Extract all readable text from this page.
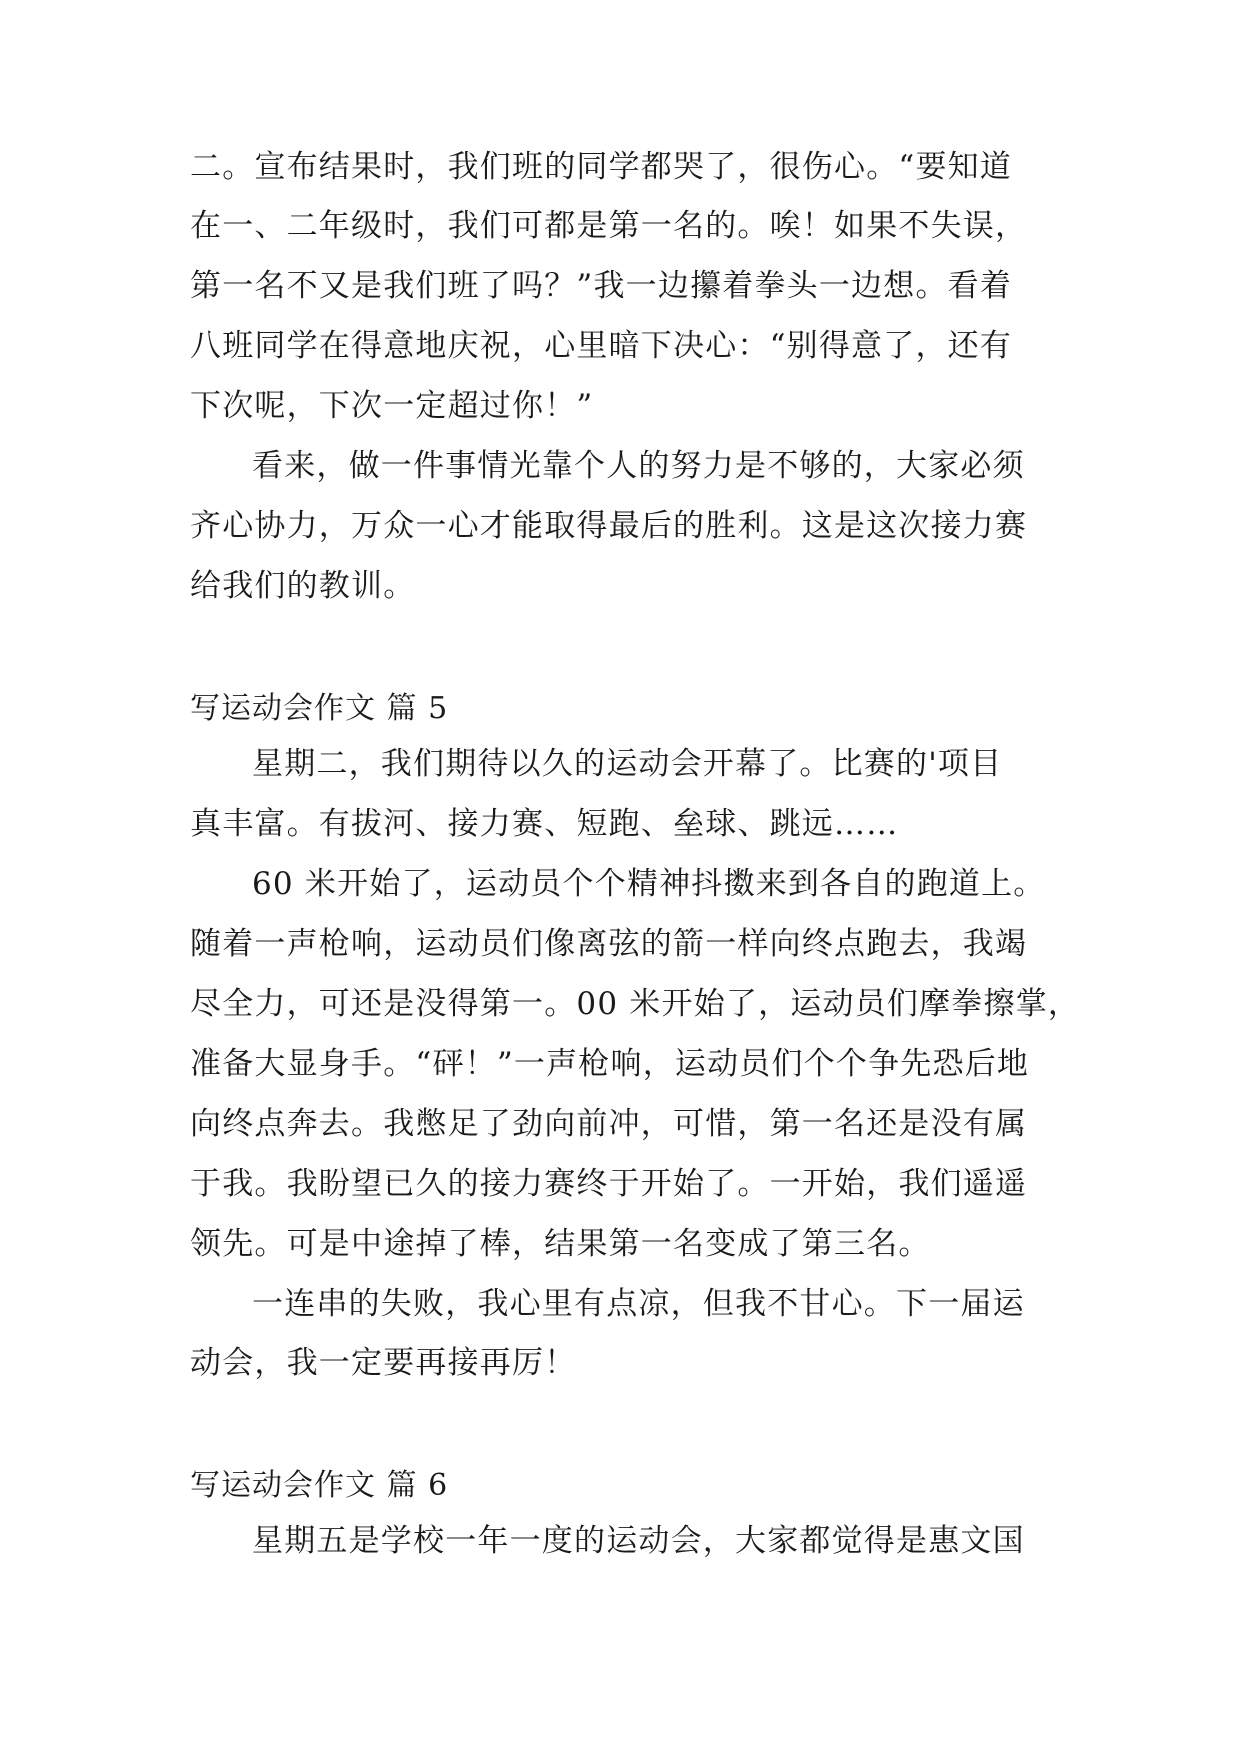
二。宣布结果时，我们班的同学都哭了，很伤心。“要知道
在一、二年级时，我们可都是第一名的。唉！如果不失误，
第一名不又是我们班了吗？”我一边攥着拳头一边想。看着
八班同学在得意地庆祝，心里暗下决心：“别得意了，还有
下次呢，下次一定超过你！”
看来，做一件事情光靠个人的努力是不够的，大家必须
齐心协力，万众一心才能取得最后的胜利。这是这次接力赛
给我们的教训。
写运动会作文 篇 5
星期二，我们期待以久的运动会开幕了。比赛的'项目
真丰富。有拔河、接力赛、短跑、垒球、跳远……
60 米开始了，运动员个个精神抖擞来到各自的跑道上。
随着一声枪响，运动员们像离弦的箭一样向终点跑去，我竭
尽全力，可还是没得第一。00 米开始了，运动员们摩拳擦掌，
准备大显身手。“砰！”一声枪响，运动员们个个争先恐后地
向终点奔去。我憋足了劲向前冲，可惜，第一名还是没有属
于我。我盼望已久的接力赛终于开始了。一开始，我们遥遥
领先。可是中途掉了棒，结果第一名变成了第三名。
一连串的失败，我心里有点凉，但我不甘心。下一届运
动会，我一定要再接再厉！
写运动会作文 篇 6
星期五是学校一年一度的运动会，大家都觉得是惠文国
